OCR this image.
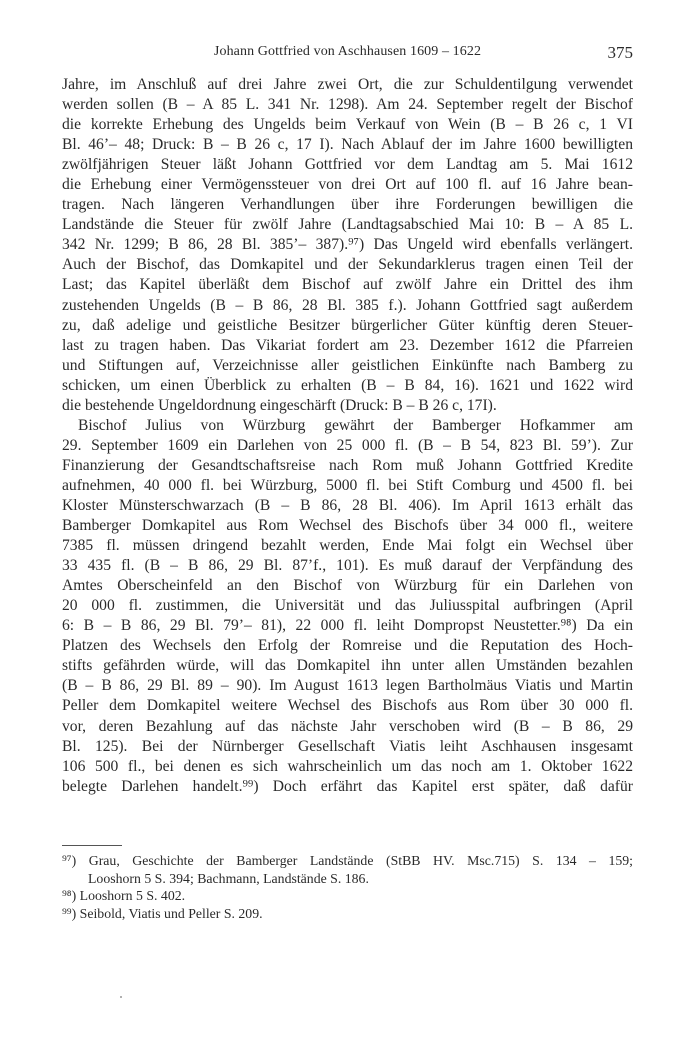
Johann Gottfried von Aschhausen 1609 – 1622	375
Jahre, im Anschluß auf drei Jahre zwei Ort, die zur Schuldentilgung verwendet
werden sollen (B – A 85 L. 341 Nr. 1298). Am 24. September regelt der Bischof
die korrekte Erhebung des Ungelds beim Verkauf von Wein (B – B 26 c, 1 VI
Bl. 46’– 48; Druck: B – B 26 c, 17 I). Nach Ablauf der im Jahre 1600 bewilligten
zwölfjährigen Steuer läßt Johann Gottfried vor dem Landtag am 5. Mai 1612
die Erhebung einer Vermögenssteuer von drei Ort auf 100 fl. auf 16 Jahre bean-
tragen. Nach längeren Verhandlungen über ihre Forderungen bewilligen die
Landstände die Steuer für zwölf Jahre (Landtagsabschied Mai 10: B – A 85 L.
342 Nr. 1299; B 86, 28 Bl. 385’– 387).⁹⁷) Das Ungeld wird ebenfalls verlängert.
Auch der Bischof, das Domkapitel und der Sekundarklerus tragen einen Teil der
Last; das Kapitel überläßt dem Bischof auf zwölf Jahre ein Drittel des ihm
zustehenden Ungelds (B – B 86, 28 Bl. 385 f.). Johann Gottfried sagt außerdem
zu, daß adelige und geistliche Besitzer bürgerlicher Güter künftig deren Steuer-
last zu tragen haben. Das Vikariat fordert am 23. Dezember 1612 die Pfarreien
und Stiftungen auf, Verzeichnisse aller geistlichen Einkünfte nach Bamberg zu
schicken, um einen Überblick zu erhalten (B – B 84, 16). 1621 und 1622 wird
die bestehende Ungeldordnung eingeschärft (Druck: B – B 26 c, 17I).
Bischof Julius von Würzburg gewährt der Bamberger Hofkammer am
29. September 1609 ein Darlehen von 25 000 fl. (B – B 54, 823 Bl. 59’). Zur
Finanzierung der Gesandtschaftsreise nach Rom muß Johann Gottfried Kredite
aufnehmen, 40 000 fl. bei Würzburg, 5000 fl. bei Stift Comburg und 4500 fl. bei
Kloster Münsterschwarzach (B – B 86, 28 Bl. 406). Im April 1613 erhält das
Bamberger Domkapitel aus Rom Wechsel des Bischofs über 34 000 fl., weitere
7385 fl. müssen dringend bezahlt werden, Ende Mai folgt ein Wechsel über
33 435 fl. (B – B 86, 29 Bl. 87’f., 101). Es muß darauf der Verpfändung des
Amtes Oberscheinfeld an den Bischof von Würzburg für ein Darlehen von
20 000 fl. zustimmen, die Universität und das Juliusspital aufbringen (April
6: B – B 86, 29 Bl. 79’– 81), 22 000 fl. leiht Dompropst Neustetter.⁹⁸) Da ein
Platzen des Wechsels den Erfolg der Romreise und die Reputation des Hoch-
stifts gefährden würde, will das Domkapitel ihn unter allen Umständen bezahlen
(B – B 86, 29 Bl. 89 – 90). Im August 1613 legen Bartholmäus Viatis und Martin
Peller dem Domkapitel weitere Wechsel des Bischofs aus Rom über 30 000 fl.
vor, deren Bezahlung auf das nächste Jahr verschoben wird (B – B 86, 29
Bl. 125). Bei der Nürnberger Gesellschaft Viatis leiht Aschhausen insgesamt
106 500 fl., bei denen es sich wahrscheinlich um das noch am 1. Oktober 1622
belegte Darlehen handelt.⁹⁹) Doch erfährt das Kapitel erst später, daß dafür
⁹⁷) Grau, Geschichte der Bamberger Landstände (StBB HV. Msc.715) S. 134 – 159;
Looshorn 5 S. 394; Bachmann, Landstände S. 186.
⁹⁸) Looshorn 5 S. 402.
⁹⁹) Seibold, Viatis und Peller S. 209.
